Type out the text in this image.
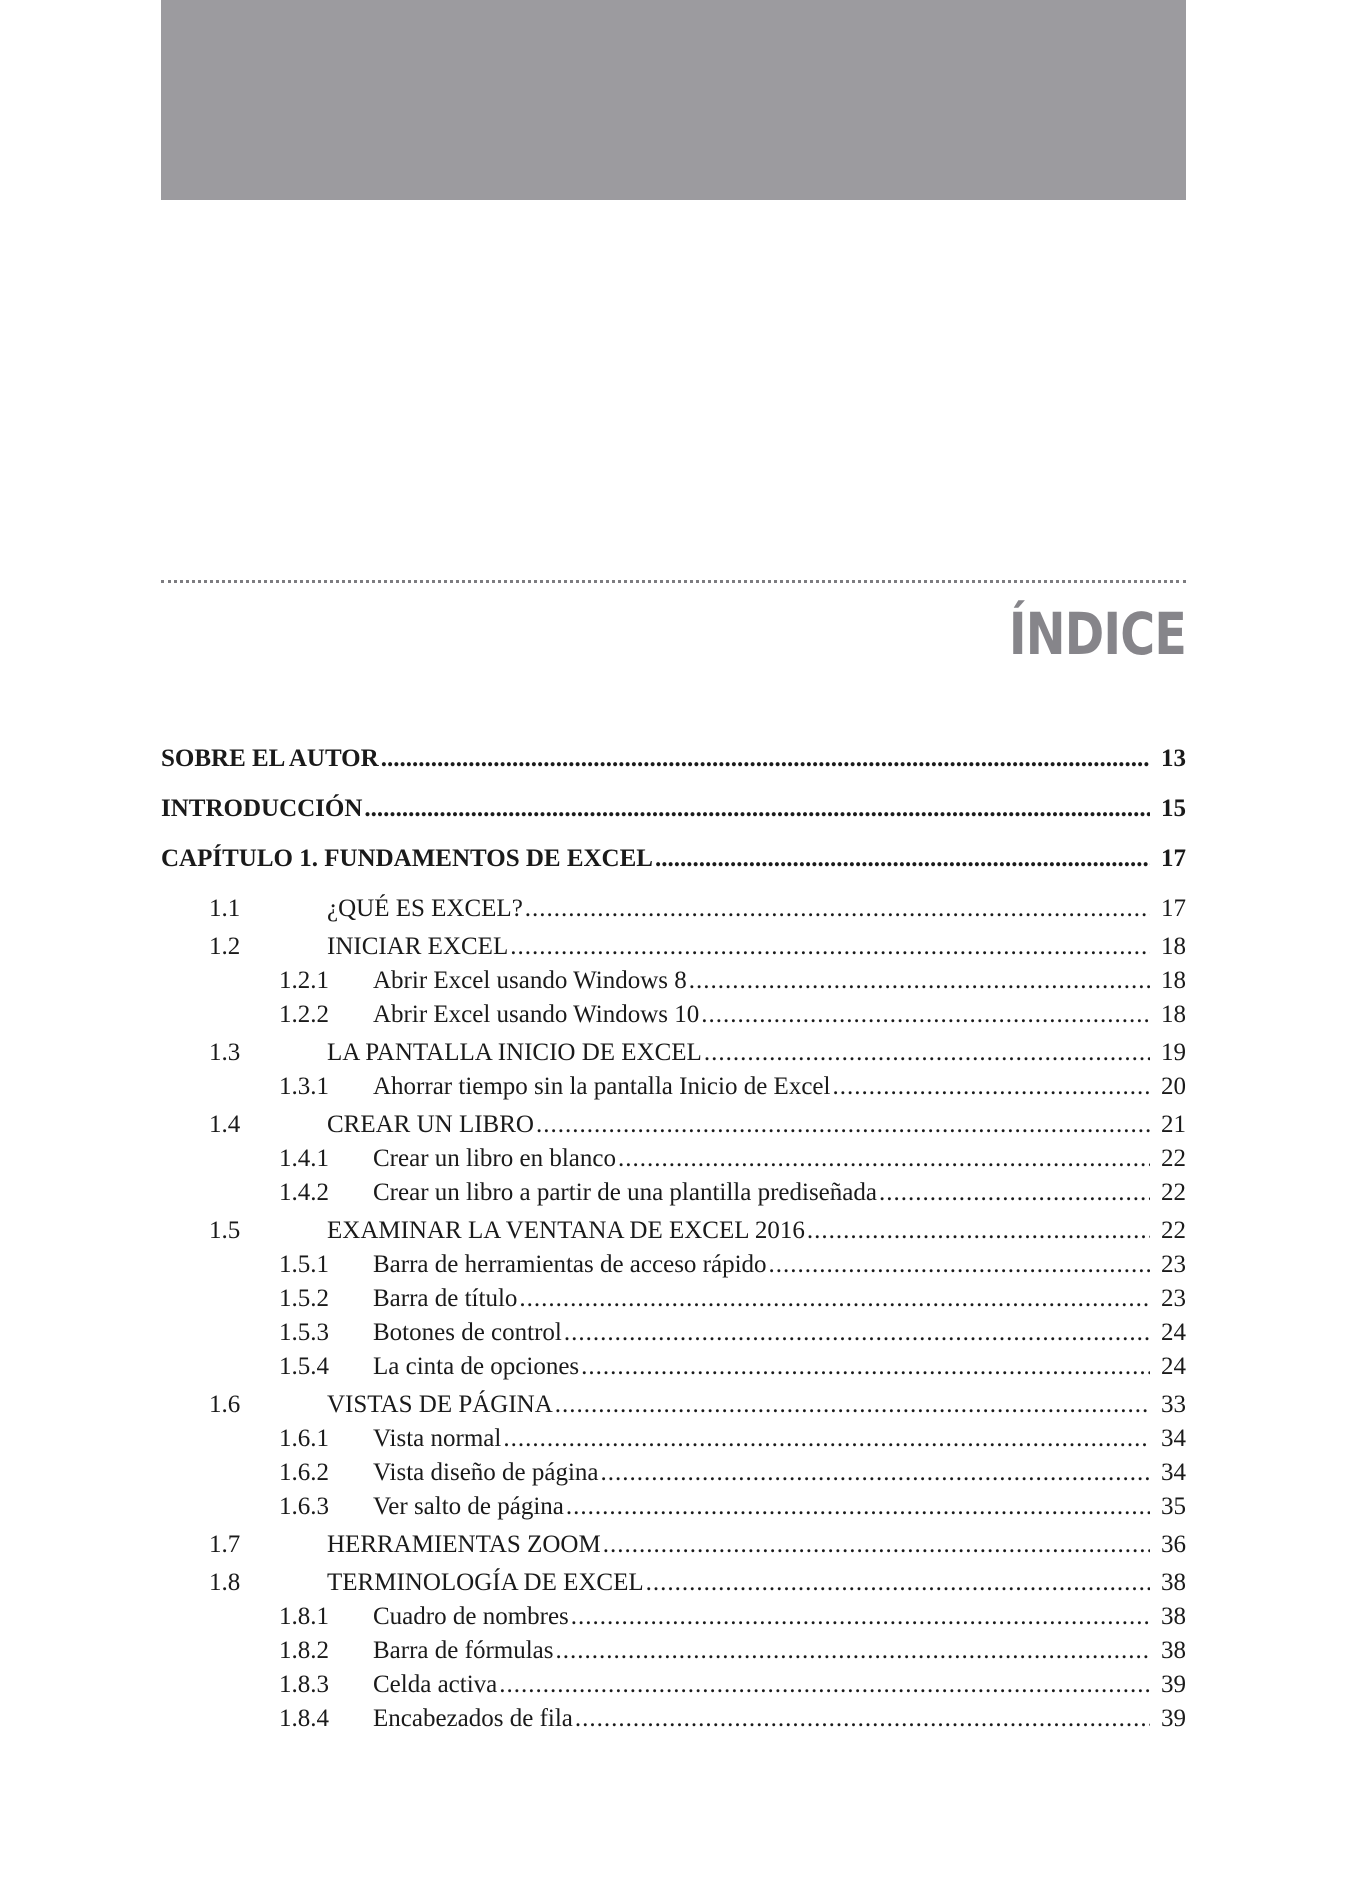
ÍNDICE
SOBRE EL AUTOR .....	13
INTRODUCCIÓN .....	15
CAPÍTULO 1. FUNDAMENTOS DE EXCEL .....	17
1.1	¿QUÉ ES EXCEL? .....	17
1.2	INICIAR EXCEL .....	18
1.2.1	Abrir Excel usando Windows 8 .....	18
1.2.2	Abrir Excel usando Windows 10 .....	18
1.3	LA PANTALLA INICIO DE EXCEL .....	19
1.3.1	Ahorrar tiempo sin la pantalla Inicio de Excel .....	20
1.4	CREAR UN LIBRO .....	21
1.4.1	Crear un libro en blanco .....	22
1.4.2	Crear un libro a partir de una plantilla prediseñada .....	22
1.5	EXAMINAR LA VENTANA DE EXCEL 2016 .....	22
1.5.1	Barra de herramientas de acceso rápido .....	23
1.5.2	Barra de título .....	23
1.5.3	Botones de control .....	24
1.5.4	La cinta de opciones .....	24
1.6	VISTAS DE PÁGINA .....	33
1.6.1	Vista normal .....	34
1.6.2	Vista diseño de página .....	34
1.6.3	Ver salto de página .....	35
1.7	HERRAMIENTAS ZOOM .....	36
1.8	TERMINOLOGÍA DE EXCEL .....	38
1.8.1	Cuadro de nombres .....	38
1.8.2	Barra de fórmulas .....	38
1.8.3	Celda activa .....	39
1.8.4	Encabezados de fila .....	39
